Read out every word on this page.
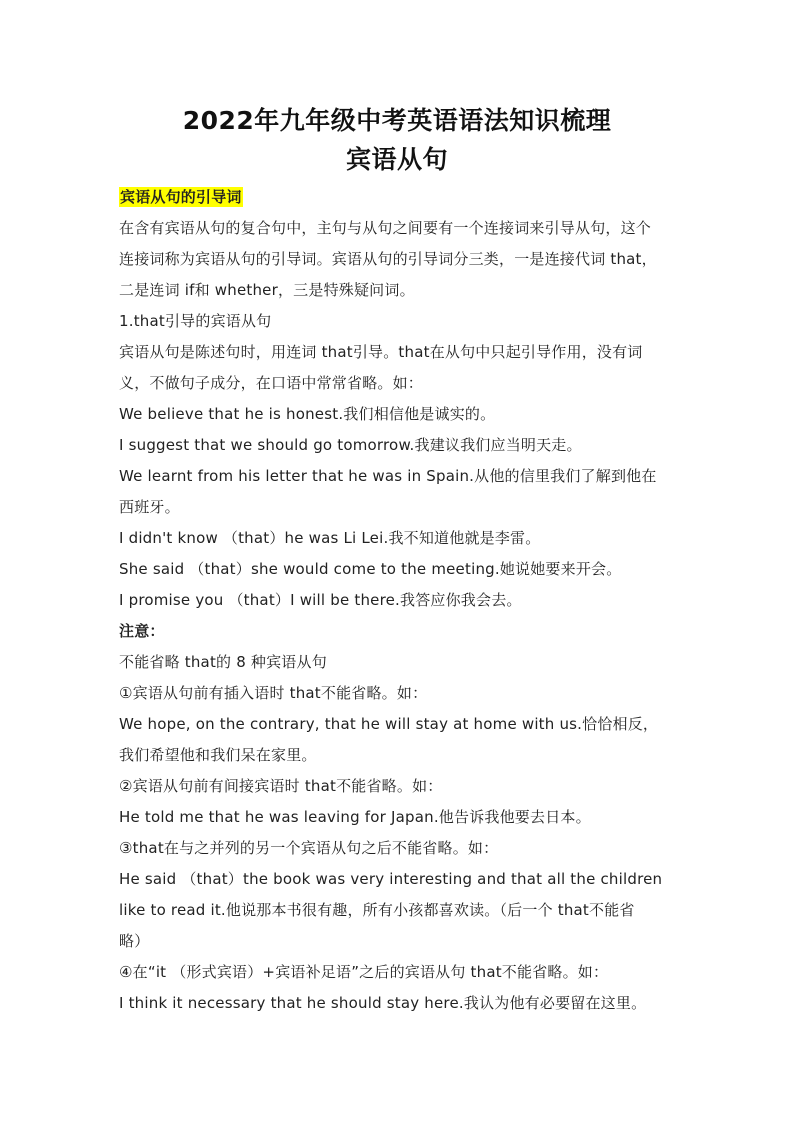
2022年九年级中考英语语法知识梳理
宾语从句
宾语从句的引导词
在含有宾语从句的复合句中，主句与从句之间要有一个连接词来引导从句，这个
连接词称为宾语从句的引导词。宾语从句的引导词分三类，一是连接代词 that，
二是连词 if和 whether，三是特殊疑问词。
1.that引导的宾语从句
宾语从句是陈述句时，用连词 that引导。that在从句中只起引导作用，没有词
义，不做句子成分，在口语中常常省略。如：
We believe that he is honest.我们相信他是诚实的。
I suggest that we should go tomorrow.我建议我们应当明天走。
We learnt from his letter that he was in Spain.从他的信里我们了解到他在
西班牙。
I didn't know （that）he was Li Lei.我不知道他就是李雷。
She said （that）she would come to the meeting.她说她要来开会。
I promise you （that）I will be there.我答应你我会去。
注意：
不能省略 that的 8 种宾语从句
①宾语从句前有插入语时 that不能省略。如：
We hope, on the contrary, that he will stay at home with us.恰恰相反，
我们希望他和我们呆在家里。
②宾语从句前有间接宾语时 that不能省略。如：
He told me that he was leaving for Japan.他告诉我他要去日本。
③that在与之并列的另一个宾语从句之后不能省略。如：
He said （that）the book was very interesting and that all the children
like to read it.他说那本书很有趣，所有小孩都喜欢读。（后一个 that不能省
略）
④在“it （形式宾语）+宾语补足语”之后的宾语从句 that不能省略。如：
I think it necessary that he should stay here.我认为他有必要留在这里。
